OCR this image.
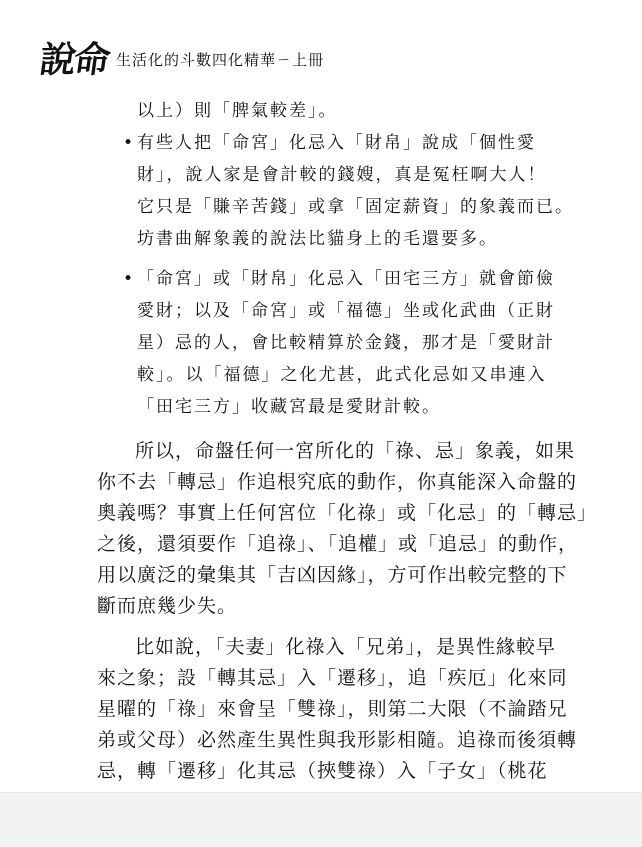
說命 生活化的斗數四化精華ㄧ上冊
以上）則「脾氣較差」。
• 有些人把「命宮」化忌入「財帛」說成「個性愛
財」，說人家是會計較的錢嫂，真是冤枉啊大人！
它只是「賺辛苦錢」或拿「固定薪資」的象義而已。
坊書曲解象義的說法比貓身上的毛還要多。
• 「命宮」或「財帛」化忌入「田宅三方」就會節儉
愛財；以及「命宮」或「福德」坐或化武曲（正財
星）忌的人，會比較精算於金錢，那才是「愛財計
較」。以「福德」之化尤甚，此式化忌如又串連入
「田宅三方」收藏宮最是愛財計較。
所以，命盤任何一宮所化的「祿、忌」象義，如果
你不去「轉忌」作追根究底的動作，你真能深入命盤的
奧義嗎？事實上任何宮位「化祿」或「化忌」的「轉忌」
之後，還須要作「追祿」、「追權」或「追忌」的動作，
用以廣泛的彙集其「吉凶因緣」，方可作出較完整的下
斷而庶幾少失。
比如說，「夫妻」化祿入「兄弟」，是異性緣較早
來之象；設「轉其忌」入「遷移」，追「疾厄」化來同
星曜的「祿」來會呈「雙祿」，則第二大限（不論踏兄
弟或父母）必然產生異性與我形影相隨。追祿而後須轉
忌，轉「遷移」化其忌（挾雙祿）入「子女」（桃花
